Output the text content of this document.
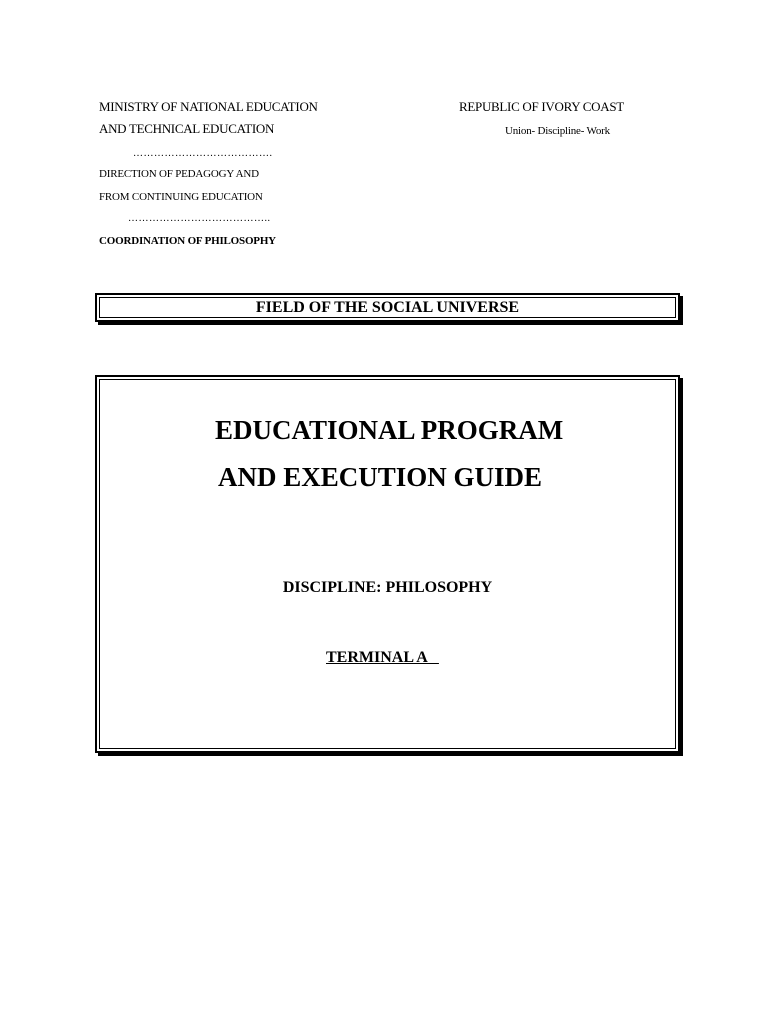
MINISTRY OF NATIONAL EDUCATION
AND TECHNICAL EDUCATION
………………………………….
DIRECTION OF PEDAGOGY AND
FROM CONTINUING EDUCATION
…………………………………..
COORDINATION OF PHILOSOPHY
REPUBLIC OF IVORY COAST
Union- Discipline- Work
FIELD OF THE SOCIAL UNIVERSE
EDUCATIONAL PROGRAM
AND EXECUTION GUIDE
DISCIPLINE: PHILOSOPHY
TERMINAL A
